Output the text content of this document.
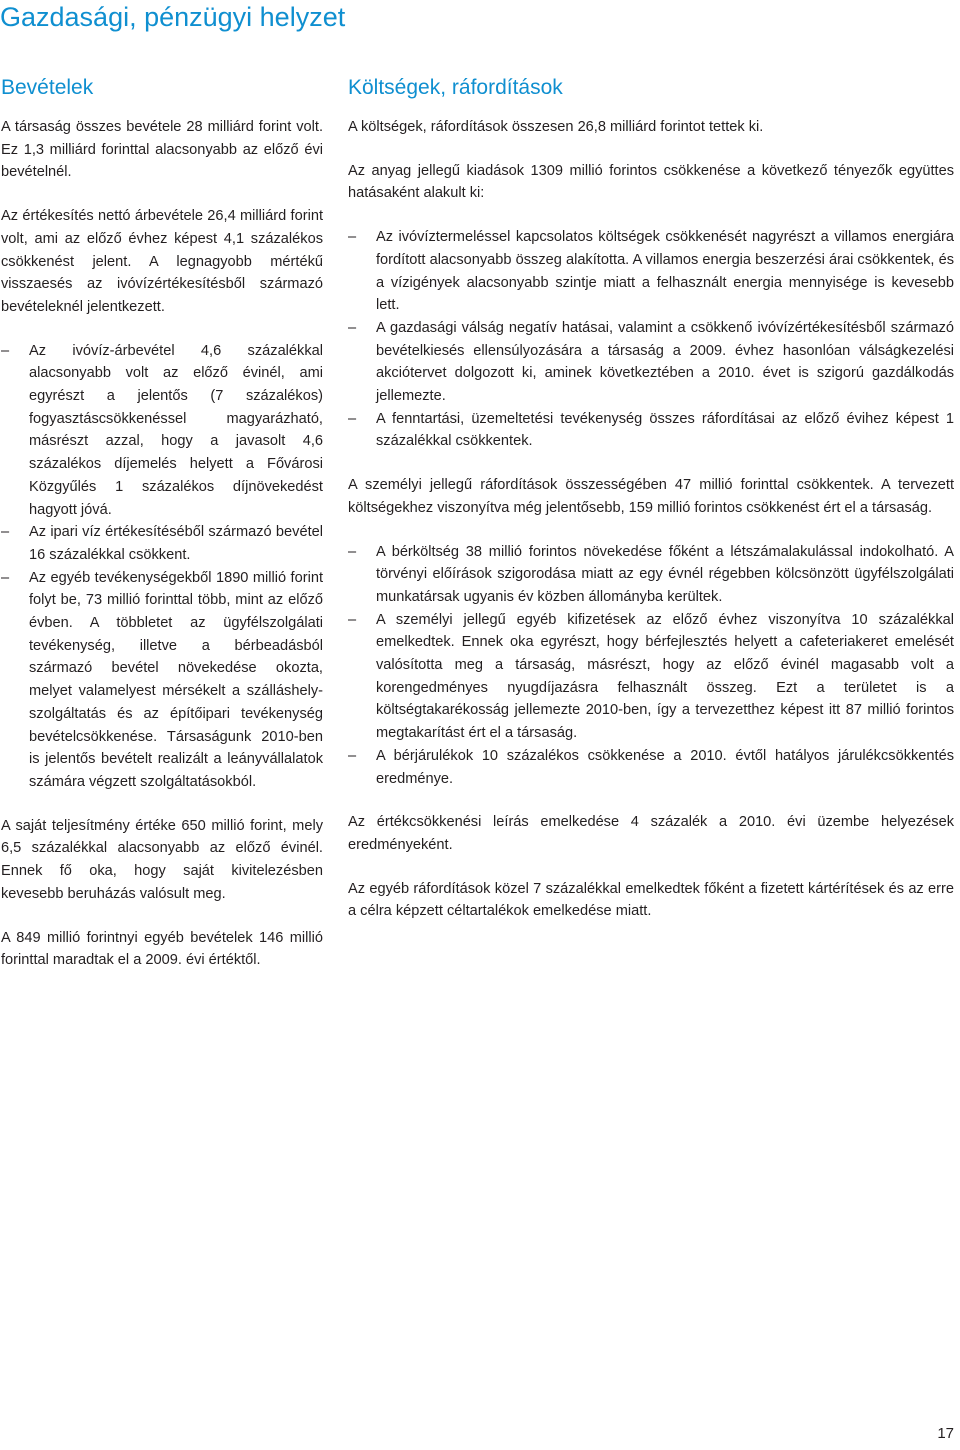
Gazdasági, pénzügyi helyzet
Bevételek

A társaság összes bevétele 28 milliárd forint volt. Ez 1,3 milliárd forinttal alacsonyabb az előző évi bevételnél.

Az értékesítés nettó árbevétele 26,4 milliárd forint volt, ami az előző évhez képest 4,1 százalékos csökkenést jelent. A legnagyobb mértékű visszaesés az ivóvízértékesítésből származó bevételeknél jelentkezett.

–	Az ivóvíz-árbevétel 4,6 százalékkal alacsonyabb volt az előző évinél, ami egyrészt a jelentős (7 százalékos) fogyasztáscsökkenéssel magyarázható, másrészt azzal, hogy a javasolt 4,6 százalékos díjemelés helyett a Fővárosi Közgyűlés 1 százalékos díjnövekedést hagyott jóvá.
–	Az ipari víz értékesítéséből származó bevétel 16 százalékkal csökkent.
–	Az egyéb tevékenységekből 1890 millió forint folyt be, 73 millió forinttal több, mint az előző évben. A többletet az ügyfélszolgálati tevékenység, illetve a bérbeadásból származó bevétel növekedése okozta, melyet valamelyest mérsékelt a szálláshely-szolgáltatás és az építőipari tevékenység bevételcsökkenése. Társaságunk 2010-ben is jelentős bevételt realizált a leányvállalatok számára végzett szolgáltatásokból.

A saját teljesítmény értéke 650 millió forint, mely 6,5 százalékkal alacsonyabb az előző évinél. Ennek fő oka, hogy saját kivitelezésben kevesebb beruházás valósult meg.

A 849 millió forintnyi egyéb bevételek 146 millió forinttal maradtak el a 2009. évi értéktől.

Költségek, ráfordítások

A költségek, ráfordítások összesen 26,8 milliárd forintot tettek ki.

Az anyag jellegű kiadások 1309 millió forintos csökkenése a következő tényezők együttes hatásaként alakult ki:

–	Az ivóvíztermeléssel kapcsolatos költségek csökkenését nagyrészt a villamos energiára fordított alacsonyabb összeg alakította. A villamos energia beszerzési árai csökkentek, és a vízigények alacsonyabb szintje miatt a felhasznált energia mennyisége is kevesebb lett.
–	A gazdasági válság negatív hatásai, valamint a csökkenő ivóvízértékesítésből származó bevételkiesés ellensúlyozására a társaság a 2009. évhez hasonlóan válságkezelési akciótervet dolgozott ki, aminek következtében a 2010. évet is szigorú gazdálkodás jellemezte.
–	A fenntartási, üzemeltetési tevékenység összes ráfordításai az előző évihez képest 1 százalékkal csökkentek.

A személyi jellegű ráfordítások összességében 47 millió forinttal csökkentek. A tervezett költségekhez viszonyítva még jelentősebb, 159 millió forintos csökkenést ért el a társaság.

–	A bérköltség 38 millió forintos növekedése főként a létszámalakulással indokolható. A törvényi előírások szigorodása miatt az egy évnél régebben kölcsönzött ügyfélszolgálati munkatársak ugyanis év közben állományba kerültek.
–	A személyi jellegű egyéb kifizetések az előző évhez viszonyítva 10 százalékkal emelkedtek. Ennek oka egyrészt, hogy bérfejlesztés helyett a cafeteriakeret emelését valósította meg a társaság, másrészt, hogy az előző évinél magasabb volt a korengedményes nyugdíjazásra felhasznált összeg. Ezt a területet is a költségtakarékosság jellemezte 2010-ben, így a tervezetthez képest itt 87 millió forintos megtakarítást ért el a társaság.
–	A bérjárulékok 10 százalékos csökkenése a 2010. évtől hatályos járulékcsökkentés eredménye.

Az értékcsökkenési leírás emelkedése 4 százalék a 2010. évi üzembe helyezések eredményeként.

Az egyéb ráfordítások közel 7 százalékkal emelkedtek főként a fizetett kártérítések és az erre a célra képzett céltartalékok emelkedése miatt.

17
